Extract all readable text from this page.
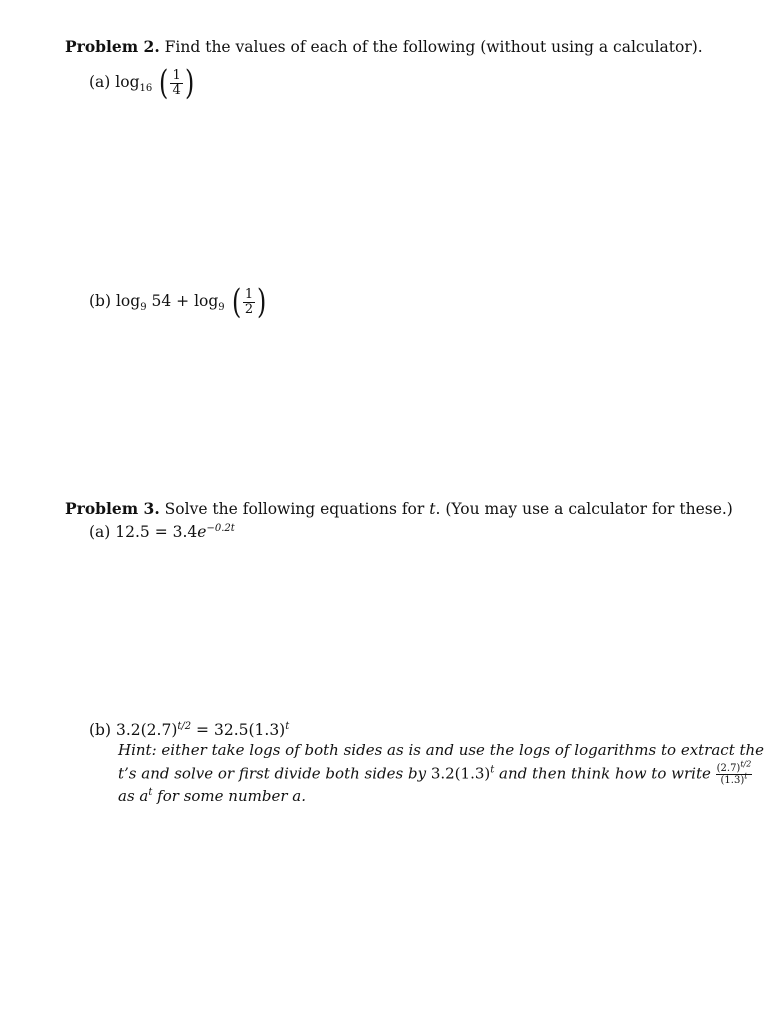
Problem 2. Find the values of each of the following (without using a calculator).
(a) $\log_{16}$ ( $\frac{1}{4}$ )
(b) $\log_9 54 + \log_9$ ( $\frac{1}{2}$ )
Problem 3. Solve the following equations for t. (You may use a calculator for these.)
(a) $12.5 = 3.4e^{-0.2t}$
(b) $3.2(2.7)^{t/2} = 32.5(1.3)^t$
Hint: either take logs of both sides as is and use the logs of logarithms to extract the
t’s and solve or first divide both sides by $3.2(1.3)^t$ and then think how to write $\frac{(2.7)^{t/2}}{(1.3)^t}$
as $a^t$ for some number a.
